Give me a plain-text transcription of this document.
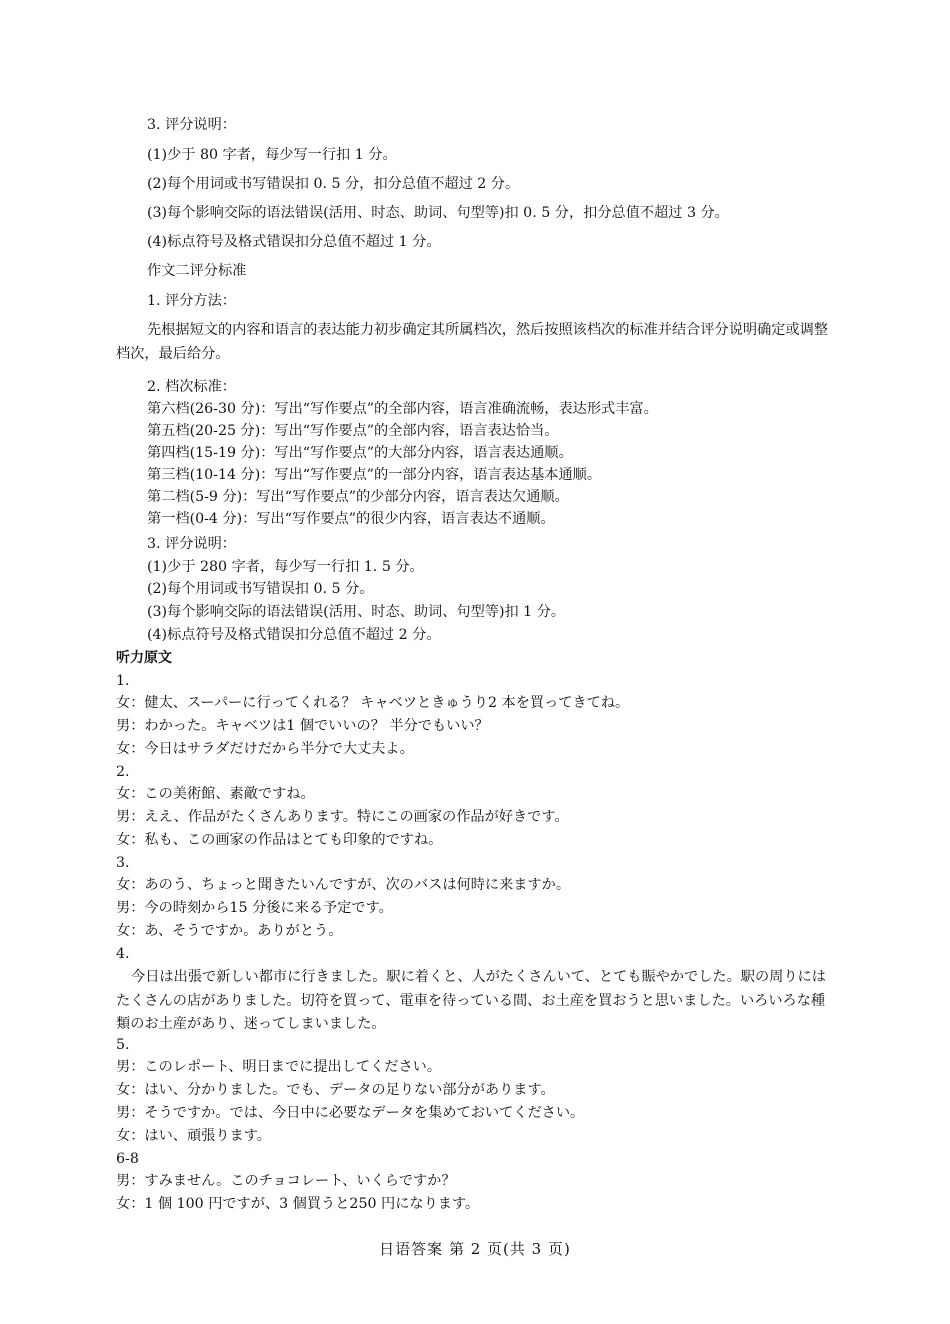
3. 评分说明：
(1)少于 80 字者，每少写一行扣 1 分。
(2)每个用词或书写错误扣 0. 5 分，扣分总值不超过 2 分。
(3)每个影响交际的语法错误(活用、时态、助词、句型等)扣 0. 5 分，扣分总值不超过 3 分。
(4)标点符号及格式错误扣分总值不超过 1 分。
作文二评分标准
1. 评分方法：
先根据短文的内容和语言的表达能力初步确定其所属档次，然后按照该档次的标准并结合评分说明确定或调整档次，最后给分。
2. 档次标准：
第六档(26-30 分)：写出“写作要点”的全部内容，语言准确流畅，表达形式丰富。
第五档(20-25 分)：写出“写作要点”的全部内容，语言表达恰当。
第四档(15-19 分)：写出“写作要点”的大部分内容，语言表达通顺。
第三档(10-14 分)：写出“写作要点”的一部分内容，语言表达基本通顺。
第二档(5-9 分)：写出“写作要点”的少部分内容，语言表达欠通顺。
第一档(0-4 分)：写出“写作要点”的很少内容，语言表达不通顺。
3. 评分说明：
(1)少于 280 字者，每少写一行扣 1. 5 分。
(2)每个用词或书写错误扣 0. 5 分。
(3)每个影响交际的语法错误(活用、时态、助词、句型等)扣 1 分。
(4)标点符号及格式错误扣分总值不超过 2 分。
听力原文
1.
女：健太、スーパーに行ってくれる？ キャベツときゅうり2 本を買ってきてね。
男：わかった。キャベツは1 個でいいの？ 半分でもいい？
女：今日はサラダだけだから半分で大丈夫よ。
2.
女：この美術館、素敵ですね。
男：ええ、作品がたくさんあります。特にこの画家の作品が好きです。
女：私も、この画家の作品はとても印象的ですね。
3.
女：あのう、ちょっと聞きたいんですが、次のバスは何時に来ますか。
男：今の時刻から15 分後に来る予定です。
女：あ、そうですか。ありがとう。
4.
今日は出張で新しい都市に行きました。駅に着くと、人がたくさんいて、とても賑やかでした。駅の周りにはたくさんの店がありました。切符を買って、電車を待っている間、お土産を買おうと思いました。いろいろな種類のお土産があり、迷ってしまいました。
5.
男：このレポート、明日までに提出してください。
女：はい、分かりました。でも、データの足りない部分があります。
男：そうですか。では、今日中に必要なデータを集めておいてください。
女：はい、頑張ります。
6-8
男：すみません。このチョコレート、いくらですか？
女：1 個 100 円ですが、3 個買うと250 円になります。
日语答案 第 2 页(共 3 页)
